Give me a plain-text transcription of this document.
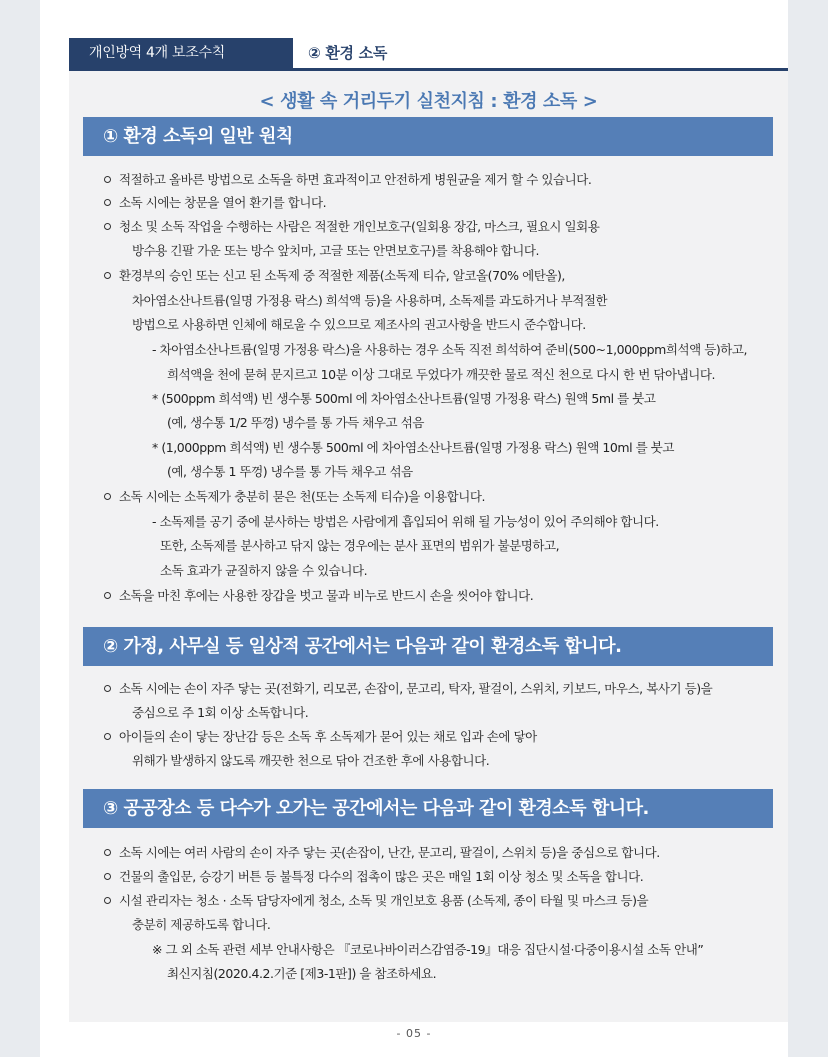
개인방역 4개 보조수칙	② 환경 소독
< 생활 속 거리두기 실천지침 : 환경 소독 >
① 환경 소독의 일반 원칙
적절하고 올바른 방법으로 소독을 하면 효과적이고 안전하게 병원균을 제거 할 수 있습니다.
소독 시에는 창문을 열어 환기를 합니다.
청소 및 소독 작업을 수행하는 사람은 적절한 개인보호구(일회용 장갑, 마스크, 필요시 일회용
방수용 긴팔 가운 또는 방수 앞치마, 고글 또는 안면보호구)를 착용해야 합니다.
환경부의 승인 또는 신고 된 소독제 중 적절한 제품(소독제 티슈, 알코올(70% 에탄올),
차아염소산나트륨(일명 가정용 락스) 희석액 등)을 사용하며, 소독제를 과도하거나 부적절한
방법으로 사용하면 인체에 해로울 수 있으므로 제조사의 권고사항을 반드시 준수합니다.
- 차아염소산나트륨(일명 가정용 락스)을 사용하는 경우 소독 직전 희석하여 준비(500~1,000ppm희석액 등)하고,
희석액을 천에 묻혀 문지르고 10분 이상 그대로 두었다가 깨끗한 물로 적신 천으로 다시 한 번 닦아냅니다.
* (500ppm 희석액) 빈 생수통 500ml 에 차아염소산나트륨(일명 가정용 락스) 원액 5ml 를 붓고
(예, 생수통 1/2 뚜껑) 냉수를 통 가득 채우고 섞음
* (1,000ppm 희석액) 빈 생수통 500ml 에 차아염소산나트륨(일명 가정용 락스) 원액 10ml 를 붓고
(예, 생수통 1 뚜껑) 냉수를 통 가득 채우고 섞음
소독 시에는 소독제가 충분히 묻은 천(또는 소독제 티슈)을 이용합니다.
- 소독제를 공기 중에 분사하는 방법은 사람에게 흡입되어 위해 될 가능성이 있어 주의해야 합니다.
또한, 소독제를 분사하고 닦지 않는 경우에는 분사 표면의 범위가 불분명하고,
소독 효과가 균질하지 않을 수 있습니다.
소독을 마친 후에는 사용한 장갑을 벗고 물과 비누로 반드시 손을 씻어야 합니다.
② 가정, 사무실 등 일상적 공간에서는 다음과 같이 환경소독 합니다.
소독 시에는 손이 자주 닿는 곳(전화기, 리모콘, 손잡이, 문고리, 탁자, 팔걸이, 스위치, 키보드, 마우스, 복사기 등)을
중심으로 주 1회 이상 소독합니다.
아이들의 손이 닿는 장난감 등은 소독 후 소독제가 묻어 있는 채로 입과 손에 닿아
위해가 발생하지 않도록 깨끗한 천으로 닦아 건조한 후에 사용합니다.
③ 공공장소 등 다수가 오가는 공간에서는 다음과 같이 환경소독 합니다.
소독 시에는 여러 사람의 손이 자주 닿는 곳(손잡이, 난간, 문고리, 팔걸이, 스위치 등)을 중심으로 합니다.
건물의 출입문, 승강기 버튼 등 불특정 다수의 접촉이 많은 곳은 매일 1회 이상 청소 및 소독을 합니다.
시설 관리자는 청소 · 소독 담당자에게 청소, 소독 및 개인보호 용품 (소독제, 종이 타월 및 마스크 등)을
충분히 제공하도록 합니다.
※ 그 외 소독 관련 세부 안내사항은 『코로나바이러스감염증-19』대응 집단시설·다중이용시설 소독 안내”
최신지침(2020.4.2.기준 [제3-1판]) 을 참조하세요.
- 05 -
